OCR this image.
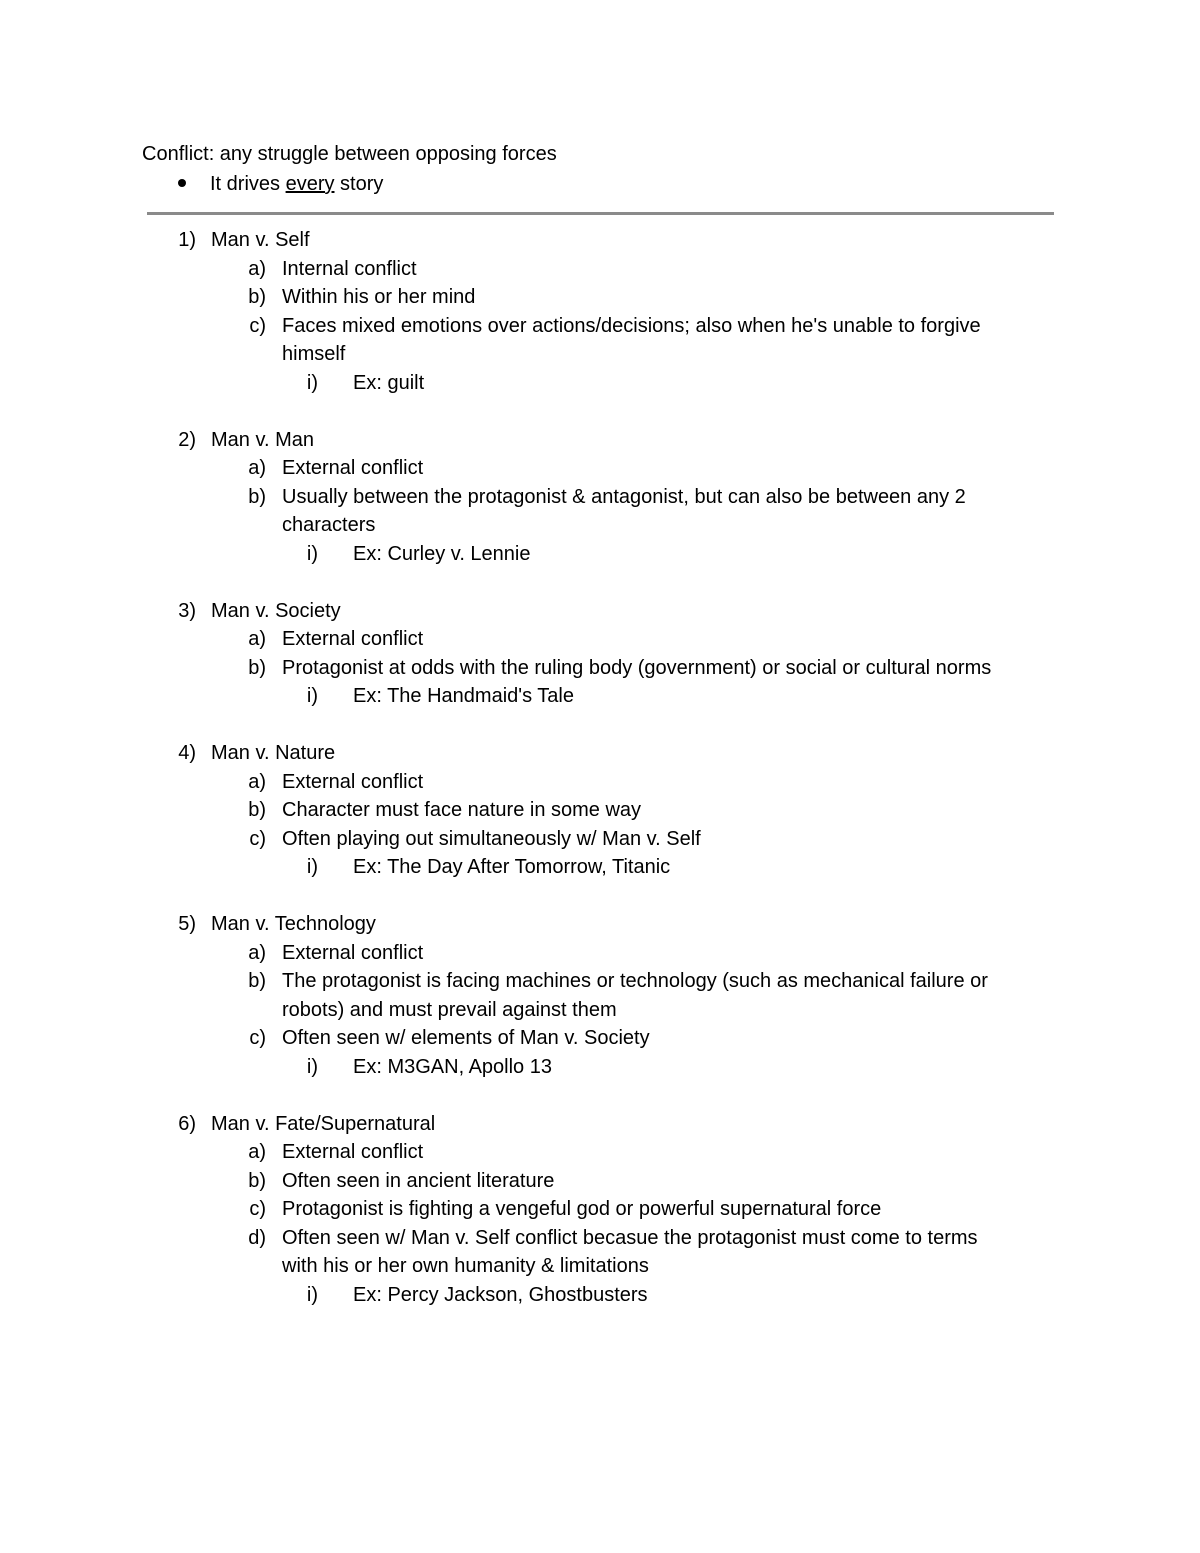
Conflict: any struggle between opposing forces
It drives every story
1) Man v. Self
a) Internal conflict
b) Within his or her mind
c) Faces mixed emotions over actions/decisions; also when he's unable to forgive
himself
i) Ex: guilt
2) Man v. Man
a) External conflict
b) Usually between the protagonist & antagonist, but can also be between any 2
characters
i) Ex: Curley v. Lennie
3) Man v. Society
a) External conflict
b) Protagonist at odds with the ruling body (government) or social or cultural norms
i) Ex: The Handmaid's Tale
4) Man v. Nature
a) External conflict
b) Character must face nature in some way
c) Often playing out simultaneously w/ Man v. Self
i) Ex: The Day After Tomorrow, Titanic
5) Man v. Technology
a) External conflict
b) The protagonist is facing machines or technology (such as mechanical failure or
robots) and must prevail against them
c) Often seen w/ elements of Man v. Society
i) Ex: M3GAN, Apollo 13
6) Man v. Fate/Supernatural
a) External conflict
b) Often seen in ancient literature
c) Protagonist is fighting a vengeful god or powerful supernatural force
d) Often seen w/ Man v. Self conflict becasue the protagonist must come to terms
with his or her own humanity & limitations
i) Ex: Percy Jackson, Ghostbusters
